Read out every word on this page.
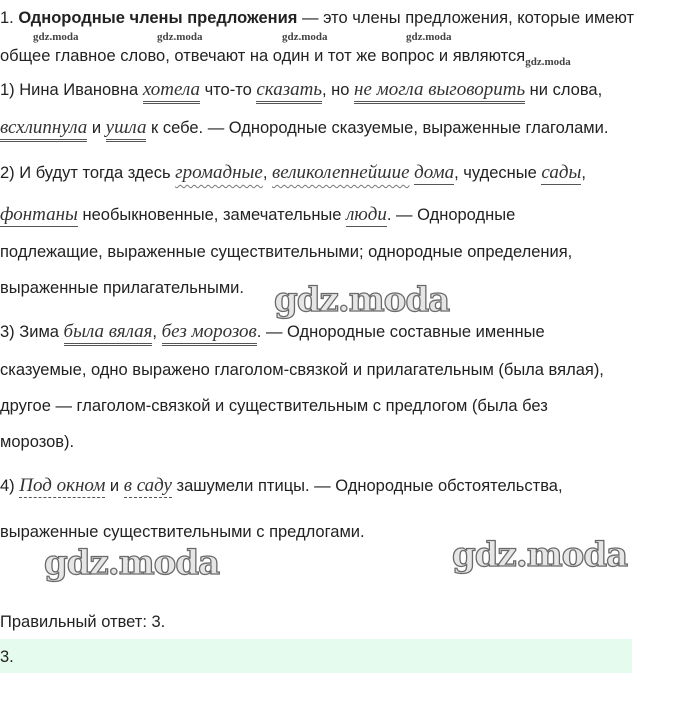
1. Однородные члены предложения — это члены предложения, которые имеют
gdz.moda	gdz.moda	gdz.moda	gdz.moda
общее главное слово, отвечают на один и тот же вопрос и являются$_{gdz.moda}$
1) Нина Ивановна хотела что-то сказать, но не могла выговорить ни слова,
всхлипнула и ушла к себе. — Однородные сказуемые, выраженные глаголами.
2) И будут тогда здесь громадные, великолепнейшие дома, чудесные сады,
фонтаны необыкновенные, замечательные люди. — Однородные
подлежащие, выраженные существительными; однородные определения,
выраженные прилагательными. gdz.moda
3) Зима была вялая, без морозов. — Однородные составные именные
сказуемые, одно выражено глаголом-связкой и прилагательным (была вялая),
другое — глаголом-связкой и существительным с предлогом (была без
морозов).
4) Под окном и в саду зашумели птицы. — Однородные обстоятельства,
выраженные существительными с предлогами.
gdz.moda	gdz.moda
Правильный ответ: 3.
3.
